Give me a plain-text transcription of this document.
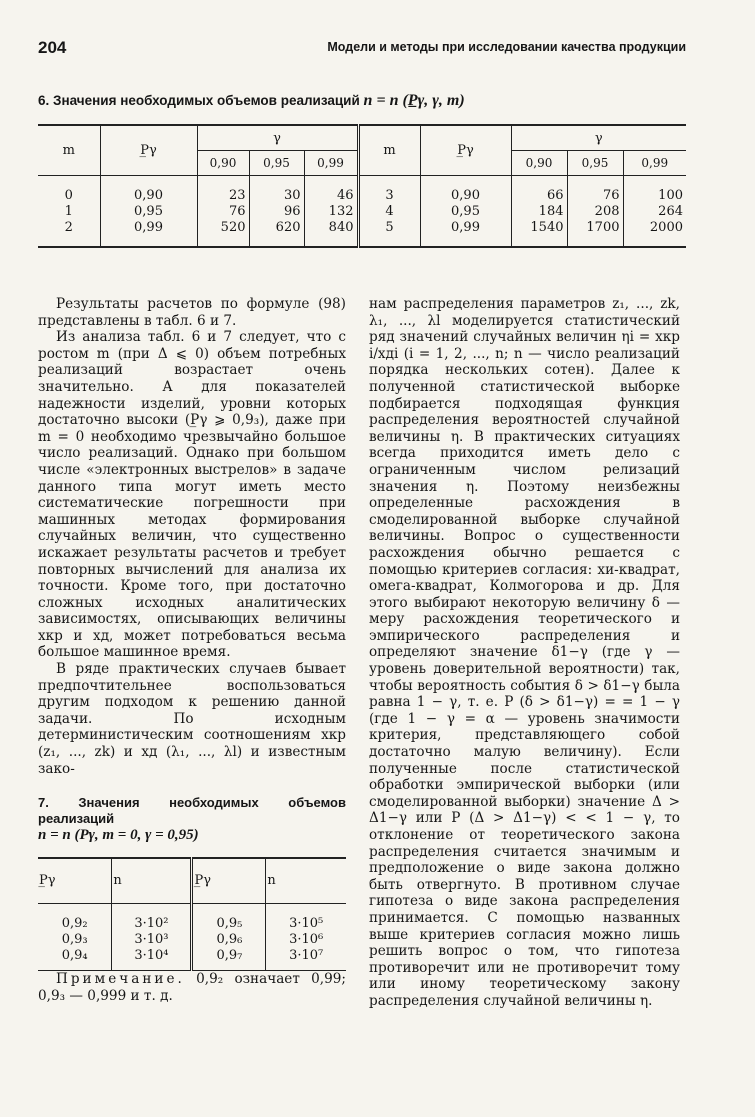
204	Модели и методы при исследовании качества продукции
6. Значения необходимых объемов реализаций n = n (P̲γ, γ, m)
m	P̲γ	γ			m	P̲γ	γ		
		0,90	0,95	0,99			0,90	0,95	0,99
0	0,90	23	30	46	3	0,90	66	76	100
1	0,95	76	96	132	4	0,95	184	208	264
2	0,99	520	620	840	5	0,99	1540	1700	2000

Результаты расчетов по формуле (98) представлены в табл. 6 и 7.

Из анализа табл. 6 и 7 следует, что с ростом m (при Δ ⩽ 0) объем потребных реализаций возрастает очень значительно. А для показателей надежности изделий, уровни которых достаточно высоки (P̲γ ⩾ 0,9₃), даже при m = 0 необходимо чрезвычайно большое число реализаций. Однако при большом числе «электронных выстрелов» в задаче данного типа могут иметь место систематические погрешности при машинных методах формирования случайных величин, что существенно искажает результаты расчетов и требует повторных вычислений для анализа их точности. Кроме того, при достаточно сложных исходных аналитических зависимостях, описывающих величины xкр и xд, может потребоваться весьма большое машинное время.

В ряде практических случаев бывает предпочтительнее воспользоваться другим подходом к решению данной задачи. По исходным детерминистическим соотношениям xкр (z₁, ..., zk) и xд (λ₁, ..., λl) и известным зако-

7. Значения необходимых объемов реализаций
n = n (Pγ, m = 0, γ = 0,95)
P̲γ	n	P̲γ	n
0,9₂	3·10²	0,9₅	3·10⁵
0,9₃	3·10³	0,9₆	3·10⁶
0,9₄	3·10⁴	0,9₇	3·10⁷

Примечание. 0,9₂ означает 0,99; 0,9₃ — 0,999 и т. д.

нам распределения параметров z₁, ..., zk, λ₁, ..., λl моделируется статистический ряд значений случайных величин ηi = xкр i/xдi (i = 1, 2, ..., n; n — число реализаций порядка нескольких сотен). Далее к полученной статистической выборке подбирается подходящая функция распределения вероятностей случайной величины η. В практических ситуациях всегда приходится иметь дело с ограниченным числом релизаций значения η. Поэтому неизбежны определенные расхождения в смоделированной выборке случайной величины. Вопрос о существенности расхождения обычно решается с помощью критериев согласия: хи-квадрат, омега-квадрат, Колмогорова и др. Для этого выбирают некоторую величину δ — меру расхождения теоретического и эмпирического распределения и определяют значение δ1−γ (где γ — уровень доверительной вероятности) так, чтобы вероятность события δ > δ1−γ была равна 1 − γ, т. е. P (δ > δ1−γ) = = 1 − γ (где 1 − γ = α — уровень значимости критерия, представляющего собой достаточно малую величину). Если полученные после статистической обработки эмпирической выборки (или смоделированной выборки) значение Δ > Δ1−γ или P (Δ > Δ1−γ) < < 1 − γ, то отклонение от теоретического закона распределения считается значимым и предположение о виде закона должно быть отвергнуто. В противном случае гипотеза о виде закона распределения принимается. С помощью названных выше критериев согласия можно лишь решить вопрос о том, что гипотеза противоречит или не противоречит тому или иному теоретическому закону распределения случайной величины η.
